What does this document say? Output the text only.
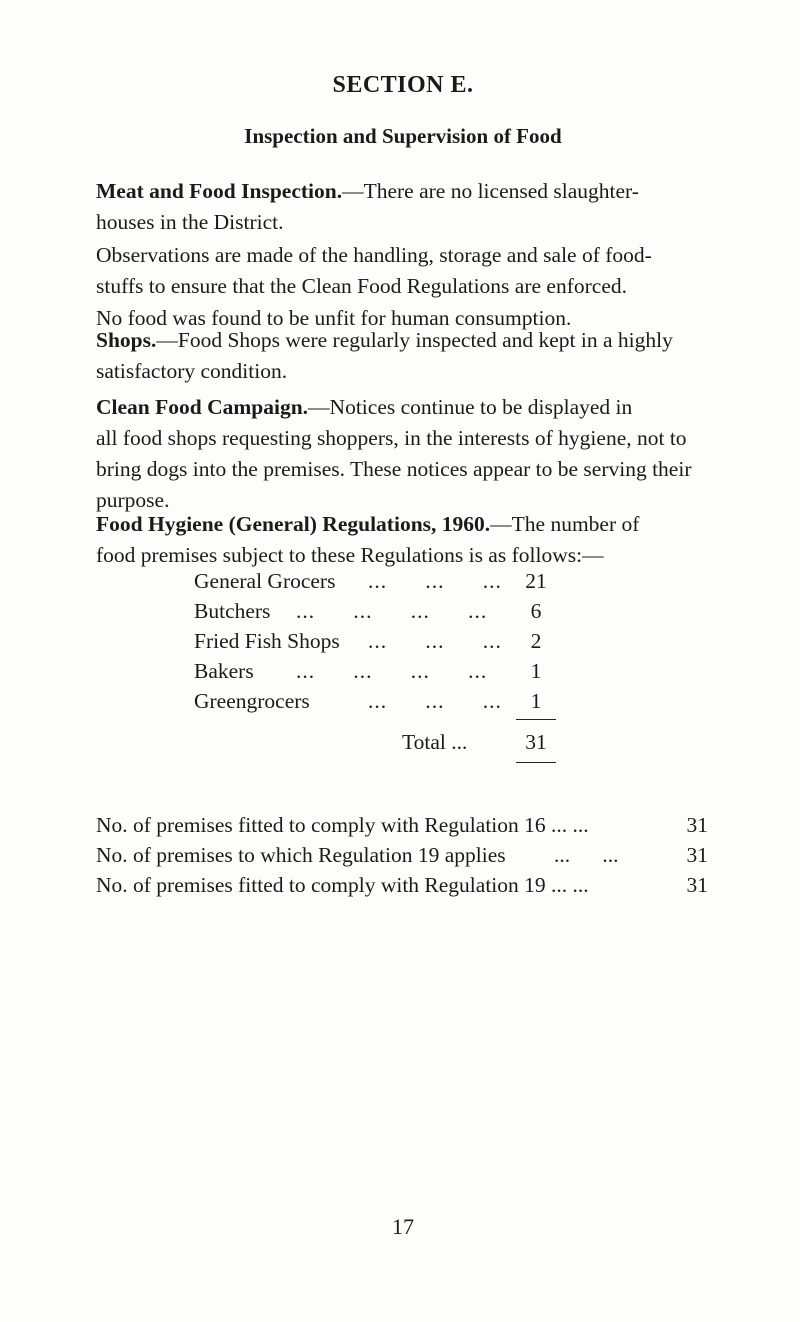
SECTION E.
Inspection and Supervision of Food
Meat and Food Inspection.—There are no licensed slaughter-
houses in the District.
Observations are made of the handling, storage and sale of food-
stuffs to ensure that the Clean Food Regulations are enforced.
No food was found to be unfit for human consumption.
Shops.—Food Shops were regularly inspected and kept in a highly
satisfactory condition.
Clean Food Campaign.—Notices continue to be displayed in
all food shops requesting shoppers, in the interests of hygiene, not to
bring dogs into the premises. These notices appear to be serving their
purpose.
Food Hygiene (General) Regulations, 1960.—The number of
food premises subject to these Regulations is as follows:—
General Grocers ...      ...      ...	21
Butchers ...      ...      ...      ...	6
Fried Fish Shops ...      ...      ...	2
Bakers ...      ...      ...      ...	1
Greengrocers	...      ...      ...	1
Total ...	31
No. of premises fitted to comply with Regulation 16 ... ...	31
No. of premises to which Regulation 19 applies         ...      ...	31
No. of premises fitted to comply with Regulation 19 ... ...	31
17
